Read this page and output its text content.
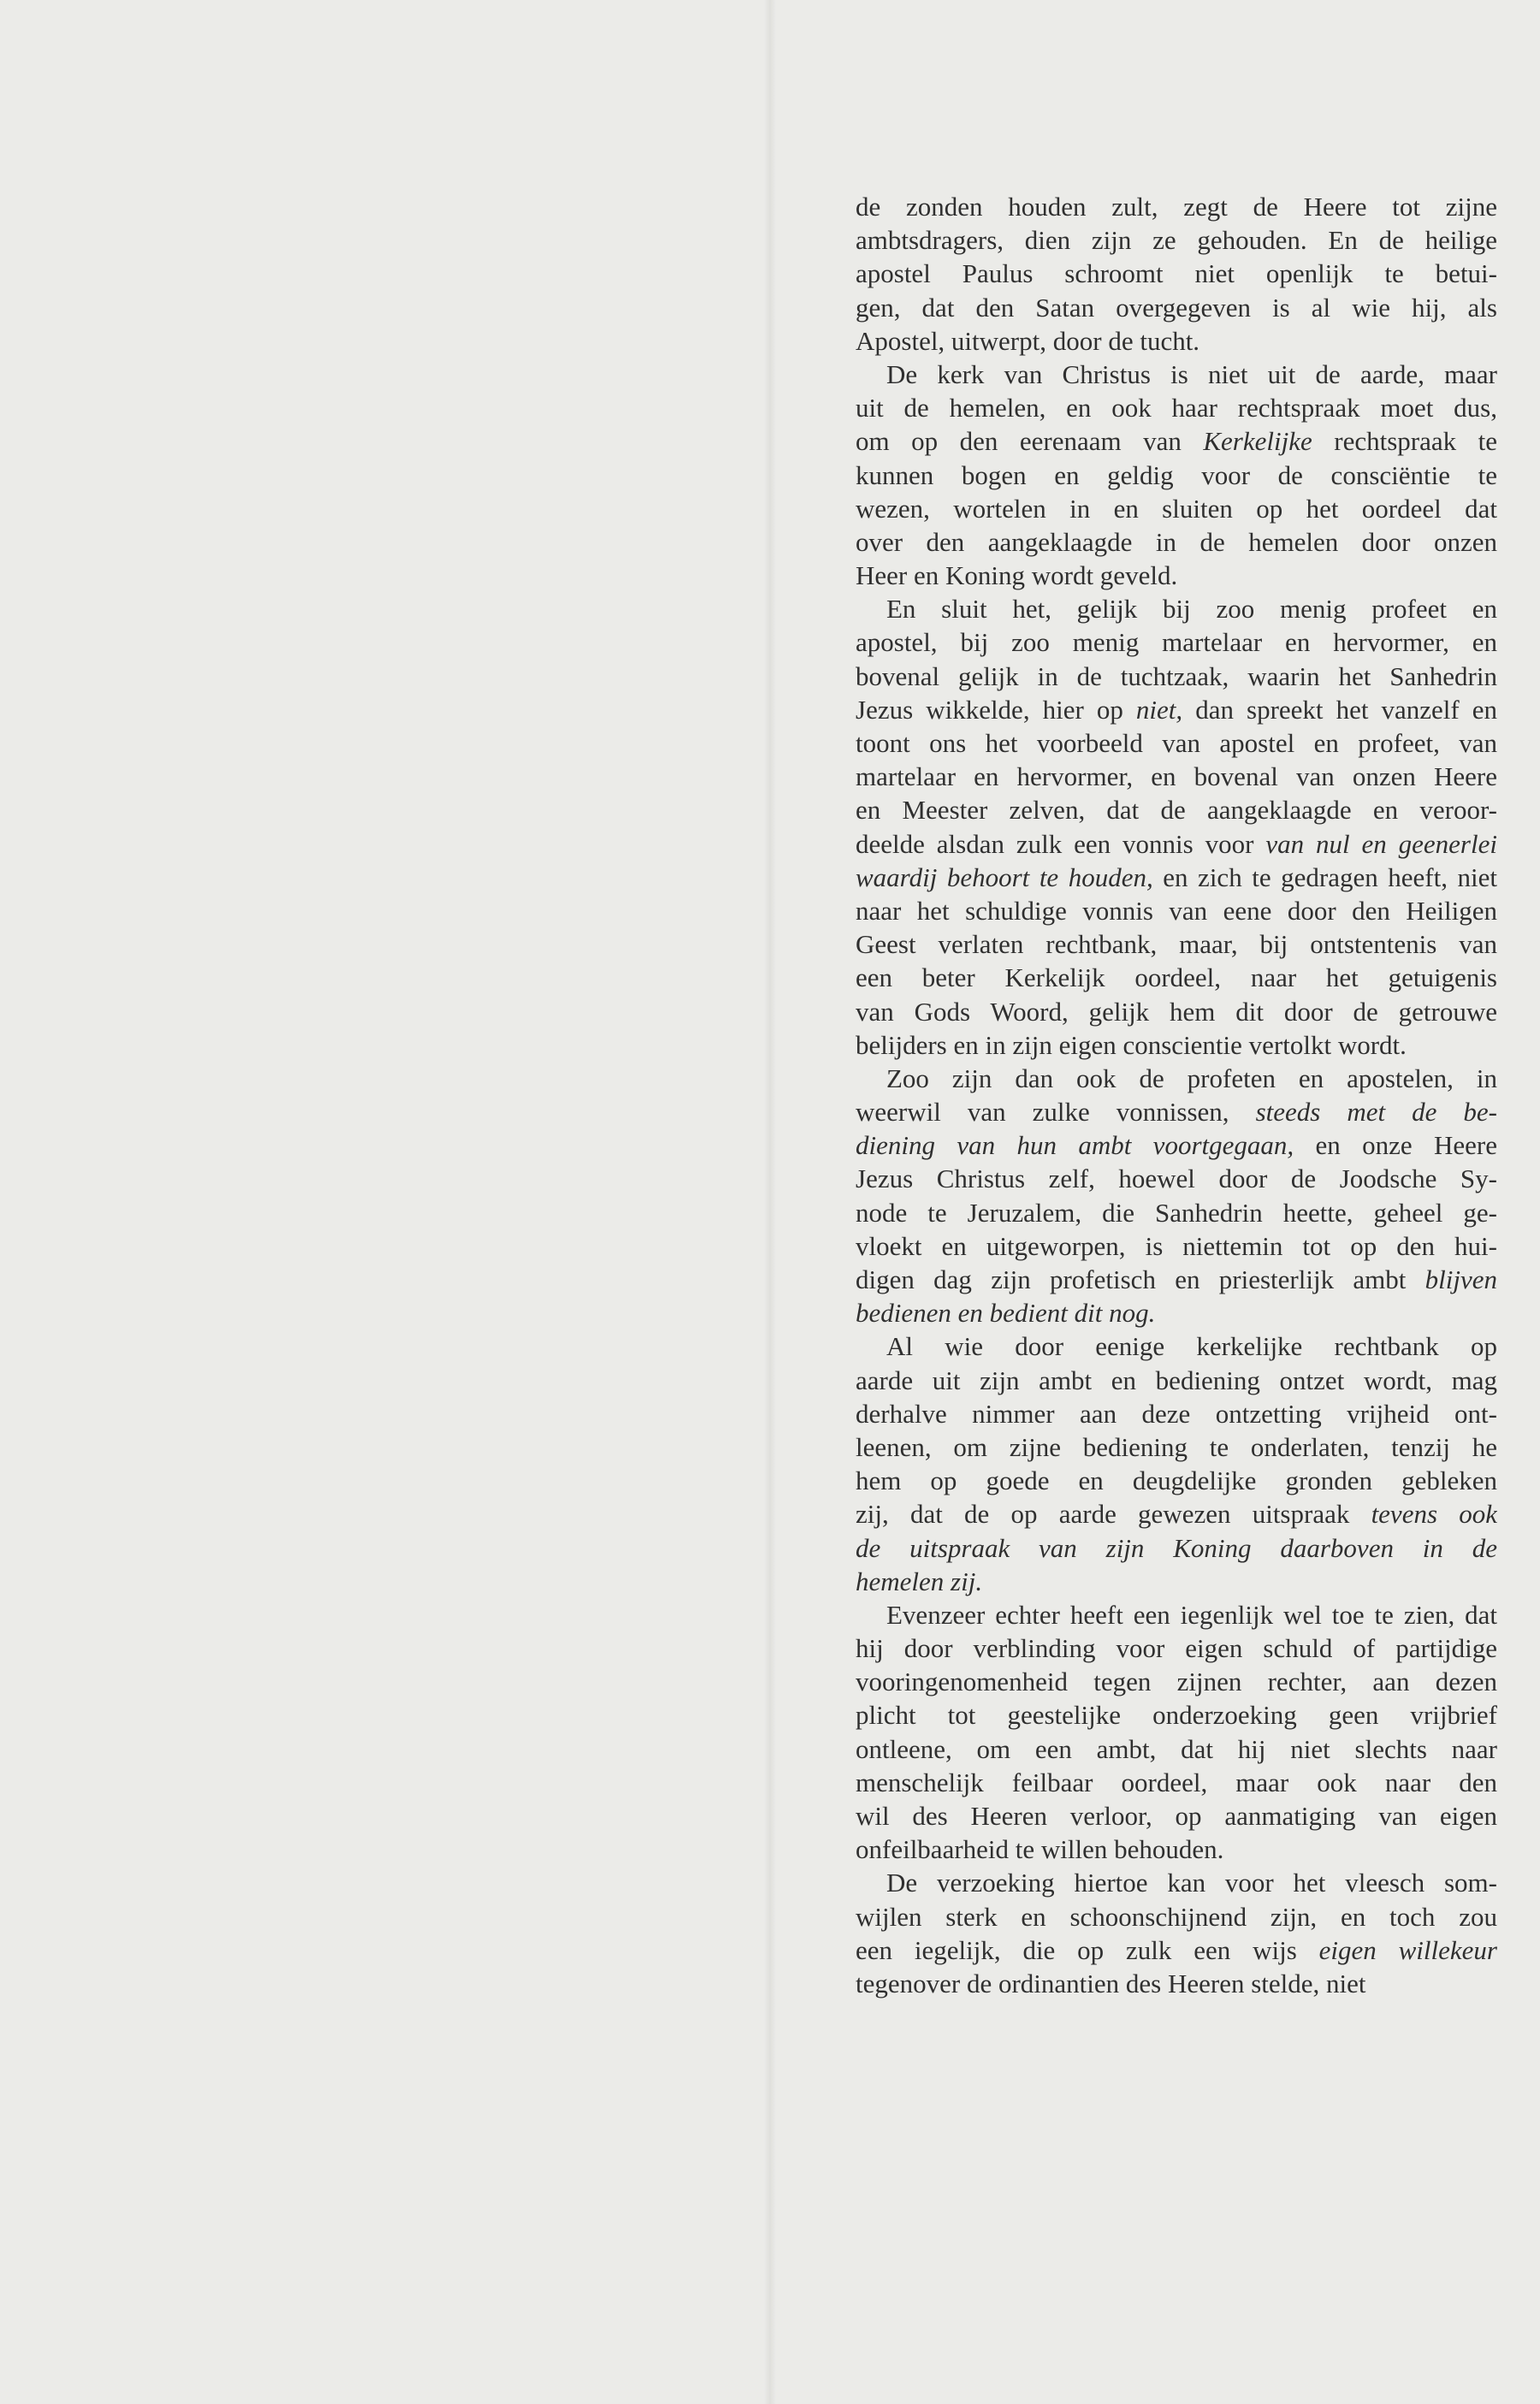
de zonden houden zult, zegt de Heere tot zijne
ambtsdragers, dien zijn ze gehouden. En de heilige
apostel Paulus schroomt niet openlijk te betui-
gen, dat den Satan overgegeven is al wie hij, als
Apostel, uitwerpt, door de tucht.
De kerk van Christus is niet uit de aarde, maar
uit de hemelen, en ook haar rechtspraak moet dus,
om op den eerenaam van Kerkelijke rechtspraak te
kunnen bogen en geldig voor de consciëntie te
wezen, wortelen in en sluiten op het oordeel dat
over den aangeklaagde in de hemelen door onzen
Heer en Koning wordt geveld.
En sluit het, gelijk bij zoo menig profeet en
apostel, bij zoo menig martelaar en hervormer, en
bovenal gelijk in de tuchtzaak, waarin het Sanhedrin
Jezus wikkelde, hier op niet, dan spreekt het vanzelf en
toont ons het voorbeeld van apostel en profeet, van
martelaar en hervormer, en bovenal van onzen Heere
en Meester zelven, dat de aangeklaagde en veroor-
deelde alsdan zulk een vonnis voor van nul en geenerlei
waardij behoort te houden, en zich te gedragen heeft, niet
naar het schuldige vonnis van eene door den Heiligen
Geest verlaten rechtbank, maar, bij ontstentenis van
een beter Kerkelijk oordeel, naar het getuigenis
van Gods Woord, gelijk hem dit door de getrouwe
belijders en in zijn eigen conscientie vertolkt wordt.
Zoo zijn dan ook de profeten en apostelen, in
weerwil van zulke vonnissen, steeds met de be-
diening van hun ambt voortgegaan, en onze Heere
Jezus Christus zelf, hoewel door de Joodsche Sy-
node te Jeruzalem, die Sanhedrin heette, geheel ge-
vloekt en uitgeworpen, is niettemin tot op den hui-
digen dag zijn profetisch en priesterlijk ambt blijven
bedienen en bedient dit nog.
Al wie door eenige kerkelijke rechtbank op
aarde uit zijn ambt en bediening ontzet wordt, mag
derhalve nimmer aan deze ontzetting vrijheid ont-
leenen, om zijne bediening te onderlaten, tenzij he
hem op goede en deugdelijke gronden gebleken
zij, dat de op aarde gewezen uitspraak tevens ook
de uitspraak van zijn Koning daarboven in de
hemelen zij.
Evenzeer echter heeft een iegenlijk wel toe te zien, dat
hij door verblinding voor eigen schuld of partijdige
vooringenomenheid tegen zijnen rechter, aan dezen
plicht tot geestelijke onderzoeking geen vrijbrief
ontleene, om een ambt, dat hij niet slechts naar
menschelijk feilbaar oordeel, maar ook naar den
wil des Heeren verloor, op aanmatiging van eigen
onfeilbaarheid te willen behouden.
De verzoeking hiertoe kan voor het vleesch som-
wijlen sterk en schoonschijnend zijn, en toch zou
een iegelijk, die op zulk een wijs eigen willekeur
tegenover de ordinantien des Heeren stelde, niet
